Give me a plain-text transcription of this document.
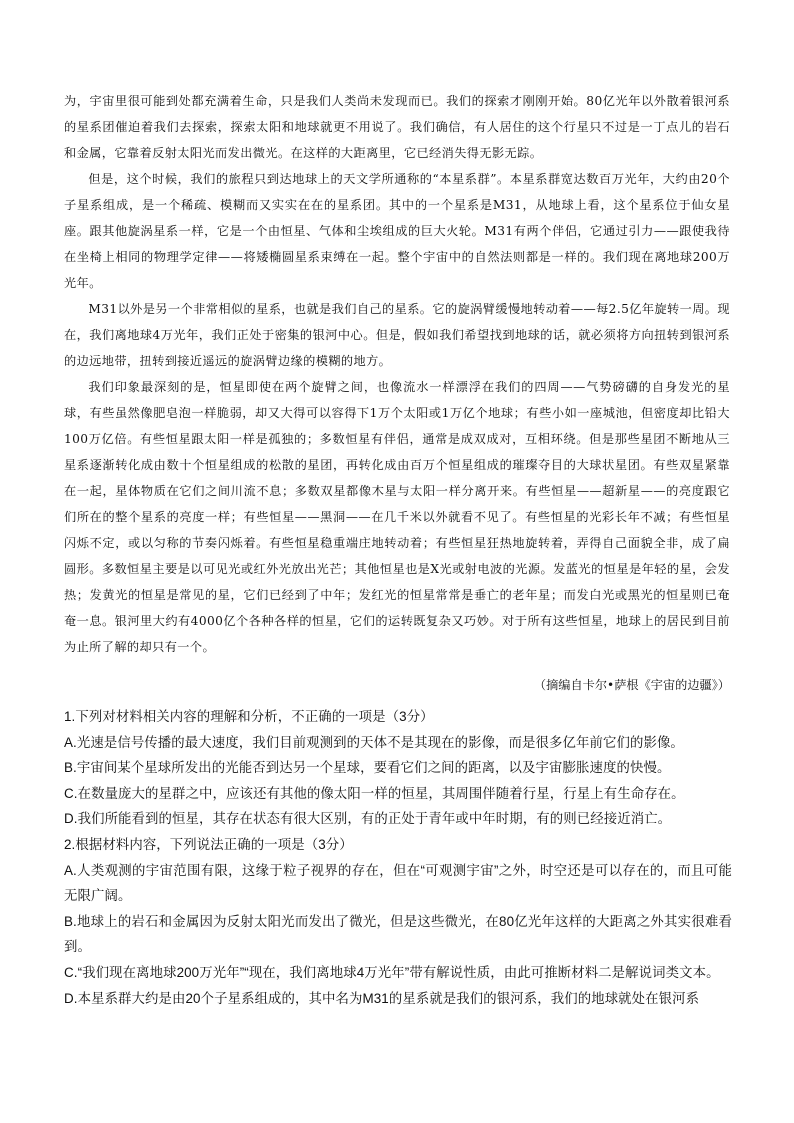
为，宇宙里很可能到处都充满着生命，只是我们人类尚未发现而已。我们的探索才刚刚开始。80亿光年以外散着银河系的星系团催迫着我们去探索，探索太阳和地球就更不用说了。我们确信，有人居住的这个行星只不过是一丁点儿的岩石和金属，它靠着反射太阳光而发出微光。在这样的大距离里，它已经消失得无影无踪。

但是，这个时候，我们的旅程只到达地球上的天文学所通称的“本星系群”。本星系群宽达数百万光年，大约由20个子星系组成，是一个稀疏、模糊而又实实在在的星系团。其中的一个星系是M31，从地球上看，这个星系位于仙女星座。跟其他旋涡星系一样，它是一个由恒星、气体和尘埃组成的巨大火轮。M31有两个伴侣，它通过引力——跟使我待在坐椅上相同的物理学定律——将矮椭圆星系束缚在一起。整个宇宙中的自然法则都是一样的。我们现在离地球200万光年。

M31以外是另一个非常相似的星系，也就是我们自己的星系。它的旋涡臂缓慢地转动着——每2.5亿年旋转一周。现在，我们离地球4万光年，我们正处于密集的银河中心。但是，假如我们希望找到地球的话，就必须将方向扭转到银河系的边远地带，扭转到接近遥远的旋涡臂边缘的模糊的地方。

我们印象最深刻的是，恒星即使在两个旋臂之间，也像流水一样漂浮在我们的四周——气势磅礴的自身发光的星球，有些虽然像肥皂泡一样脆弱，却又大得可以容得下1万个太阳或1万亿个地球；有些小如一座城池，但密度却比铅大100万亿倍。有些恒星跟太阳一样是孤独的；多数恒星有伴侣，通常是成双成对，互相环绕。但是那些星团不断地从三星系逐渐转化成由数十个恒星组成的松散的星团，再转化成由百万个恒星组成的璀璨夺目的大球状星团。有些双星紧靠在一起，星体物质在它们之间川流不息；多数双星都像木星与太阳一样分离开来。有些恒星——超新星——的亮度跟它们所在的整个星系的亮度一样；有些恒星——黑洞——在几千米以外就看不见了。有些恒星的光彩长年不减；有些恒星闪烁不定，或以匀称的节奏闪烁着。有些恒星稳重端庄地转动着；有些恒星狂热地旋转着，弄得自己面貌全非，成了扁圆形。多数恒星主要是以可见光或红外光放出光芒；其他恒星也是X光或射电波的光源。发蓝光的恒星是年轻的星，会发热；发黄光的恒星是常见的星，它们已经到了中年；发红光的恒星常常是垂亡的老年星；而发白光或黑光的恒星则已奄奄一息。银河里大约有4000亿个各种各样的恒星，它们的运转既复杂又巧妙。对于所有这些恒星，地球上的居民到目前为止所了解的却只有一个。

（摘编自卡尔•萨根《宇宙的边疆》）

1.下列对材料相关内容的理解和分析，不正确的一项是（3分）

A.光速是信号传播的最大速度，我们目前观测到的天体不是其现在的影像，而是很多亿年前它们的影像。

B.宇宙间某个星球所发出的光能否到达另一个星球，要看它们之间的距离，以及宇宙膨胀速度的快慢。

C.在数量庞大的星群之中，应该还有其他的像太阳一样的恒星，其周围伴随着行星，行星上有生命存在。

D.我们所能看到的恒星，其存在状态有很大区别，有的正处于青年或中年时期，有的则已经接近消亡。

2.根据材料内容，下列说法正确的一项是（3分）

A.人类观测的宇宙范围有限，这缘于粒子视界的存在，但在“可观测宇宙”之外，时空还是可以存在的，而且可能无限广阔。

B.地球上的岩石和金属因为反射太阳光而发出了微光，但是这些微光，在80亿光年这样的大距离之外其实很难看到。

C.“我们现在离地球200万光年”“现在，我们离地球4万光年”带有解说性质，由此可推断材料二是解说词类文本。

D.本星系群大约是由20个子星系组成的，其中名为M31的星系就是我们的银河系，我们的地球就处在银河系
